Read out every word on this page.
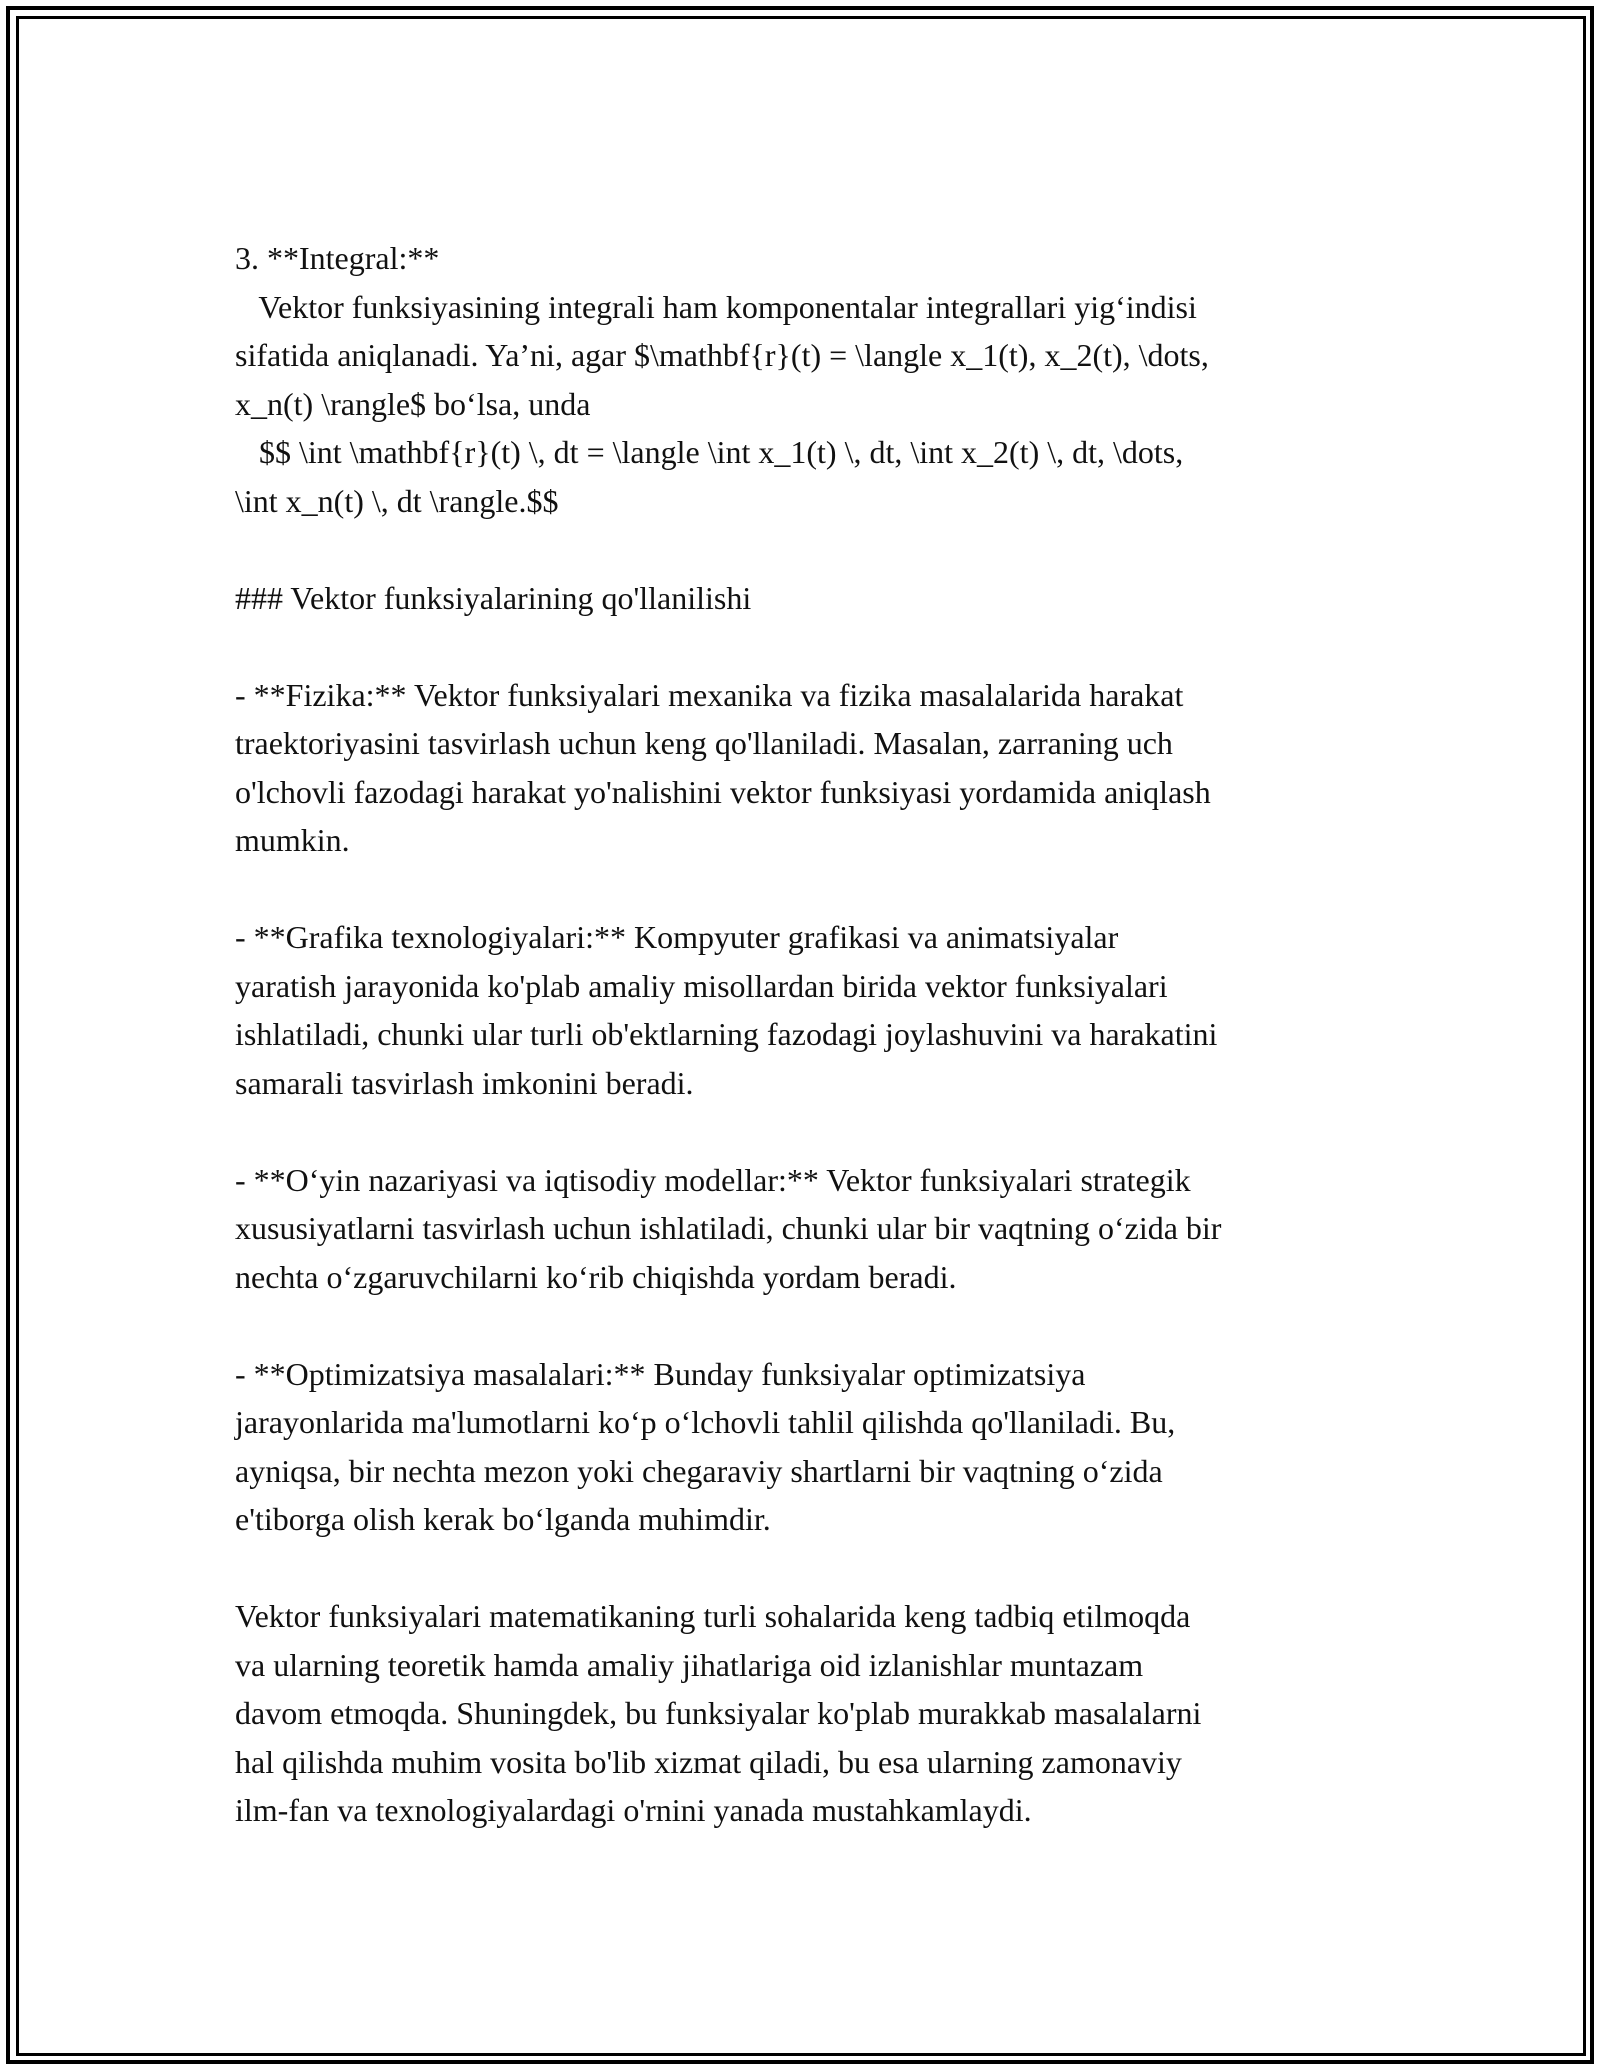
3. **Integral:**
Vektor funksiyasining integrali ham komponentalar integrallari yig‘indisi
sifatida aniqlanadi. Ya’ni, agar $\mathbf{r}(t) = \langle x_1(t), x_2(t), \dots,
x_n(t) \rangle$ bo‘lsa, unda
$$ \int \mathbf{r}(t) \, dt = \langle \int x_1(t) \, dt, \int x_2(t) \, dt, \dots,
\int x_n(t) \, dt \rangle.$$
### Vektor funksiyalarining qo'llanilishi
- **Fizika:** Vektor funksiyalari mexanika va fizika masalalarida harakat
traektoriyasini tasvirlash uchun keng qo'llaniladi. Masalan, zarraning uch
o'lchovli fazodagi harakat yo'nalishini vektor funksiyasi yordamida aniqlash
mumkin.
- **Grafika texnologiyalari:** Kompyuter grafikasi va animatsiyalar
yaratish jarayonida ko'plab amaliy misollardan birida vektor funksiyalari
ishlatiladi, chunki ular turli ob'ektlarning fazodagi joylashuvini va harakatini
samarali tasvirlash imkonini beradi.
- **O‘yin nazariyasi va iqtisodiy modellar:** Vektor funksiyalari strategik
xususiyatlarni tasvirlash uchun ishlatiladi, chunki ular bir vaqtning o‘zida bir
nechta o‘zgaruvchilarni ko‘rib chiqishda yordam beradi.
- **Optimizatsiya masalalari:** Bunday funksiyalar optimizatsiya
jarayonlarida ma'lumotlarni ko‘p o‘lchovli tahlil qilishda qo'llaniladi. Bu,
ayniqsa, bir nechta mezon yoki chegaraviy shartlarni bir vaqtning o‘zida
e'tiborga olish kerak bo‘lganda muhimdir.
Vektor funksiyalari matematikaning turli sohalarida keng tadbiq etilmoqda
va ularning teoretik hamda amaliy jihatlariga oid izlanishlar muntazam
davom etmoqda. Shuningdek, bu funksiyalar ko'plab murakkab masalalarni
hal qilishda muhim vosita bo'lib xizmat qiladi, bu esa ularning zamonaviy
ilm-fan va texnologiyalardagi o'rnini yanada mustahkamlaydi.
